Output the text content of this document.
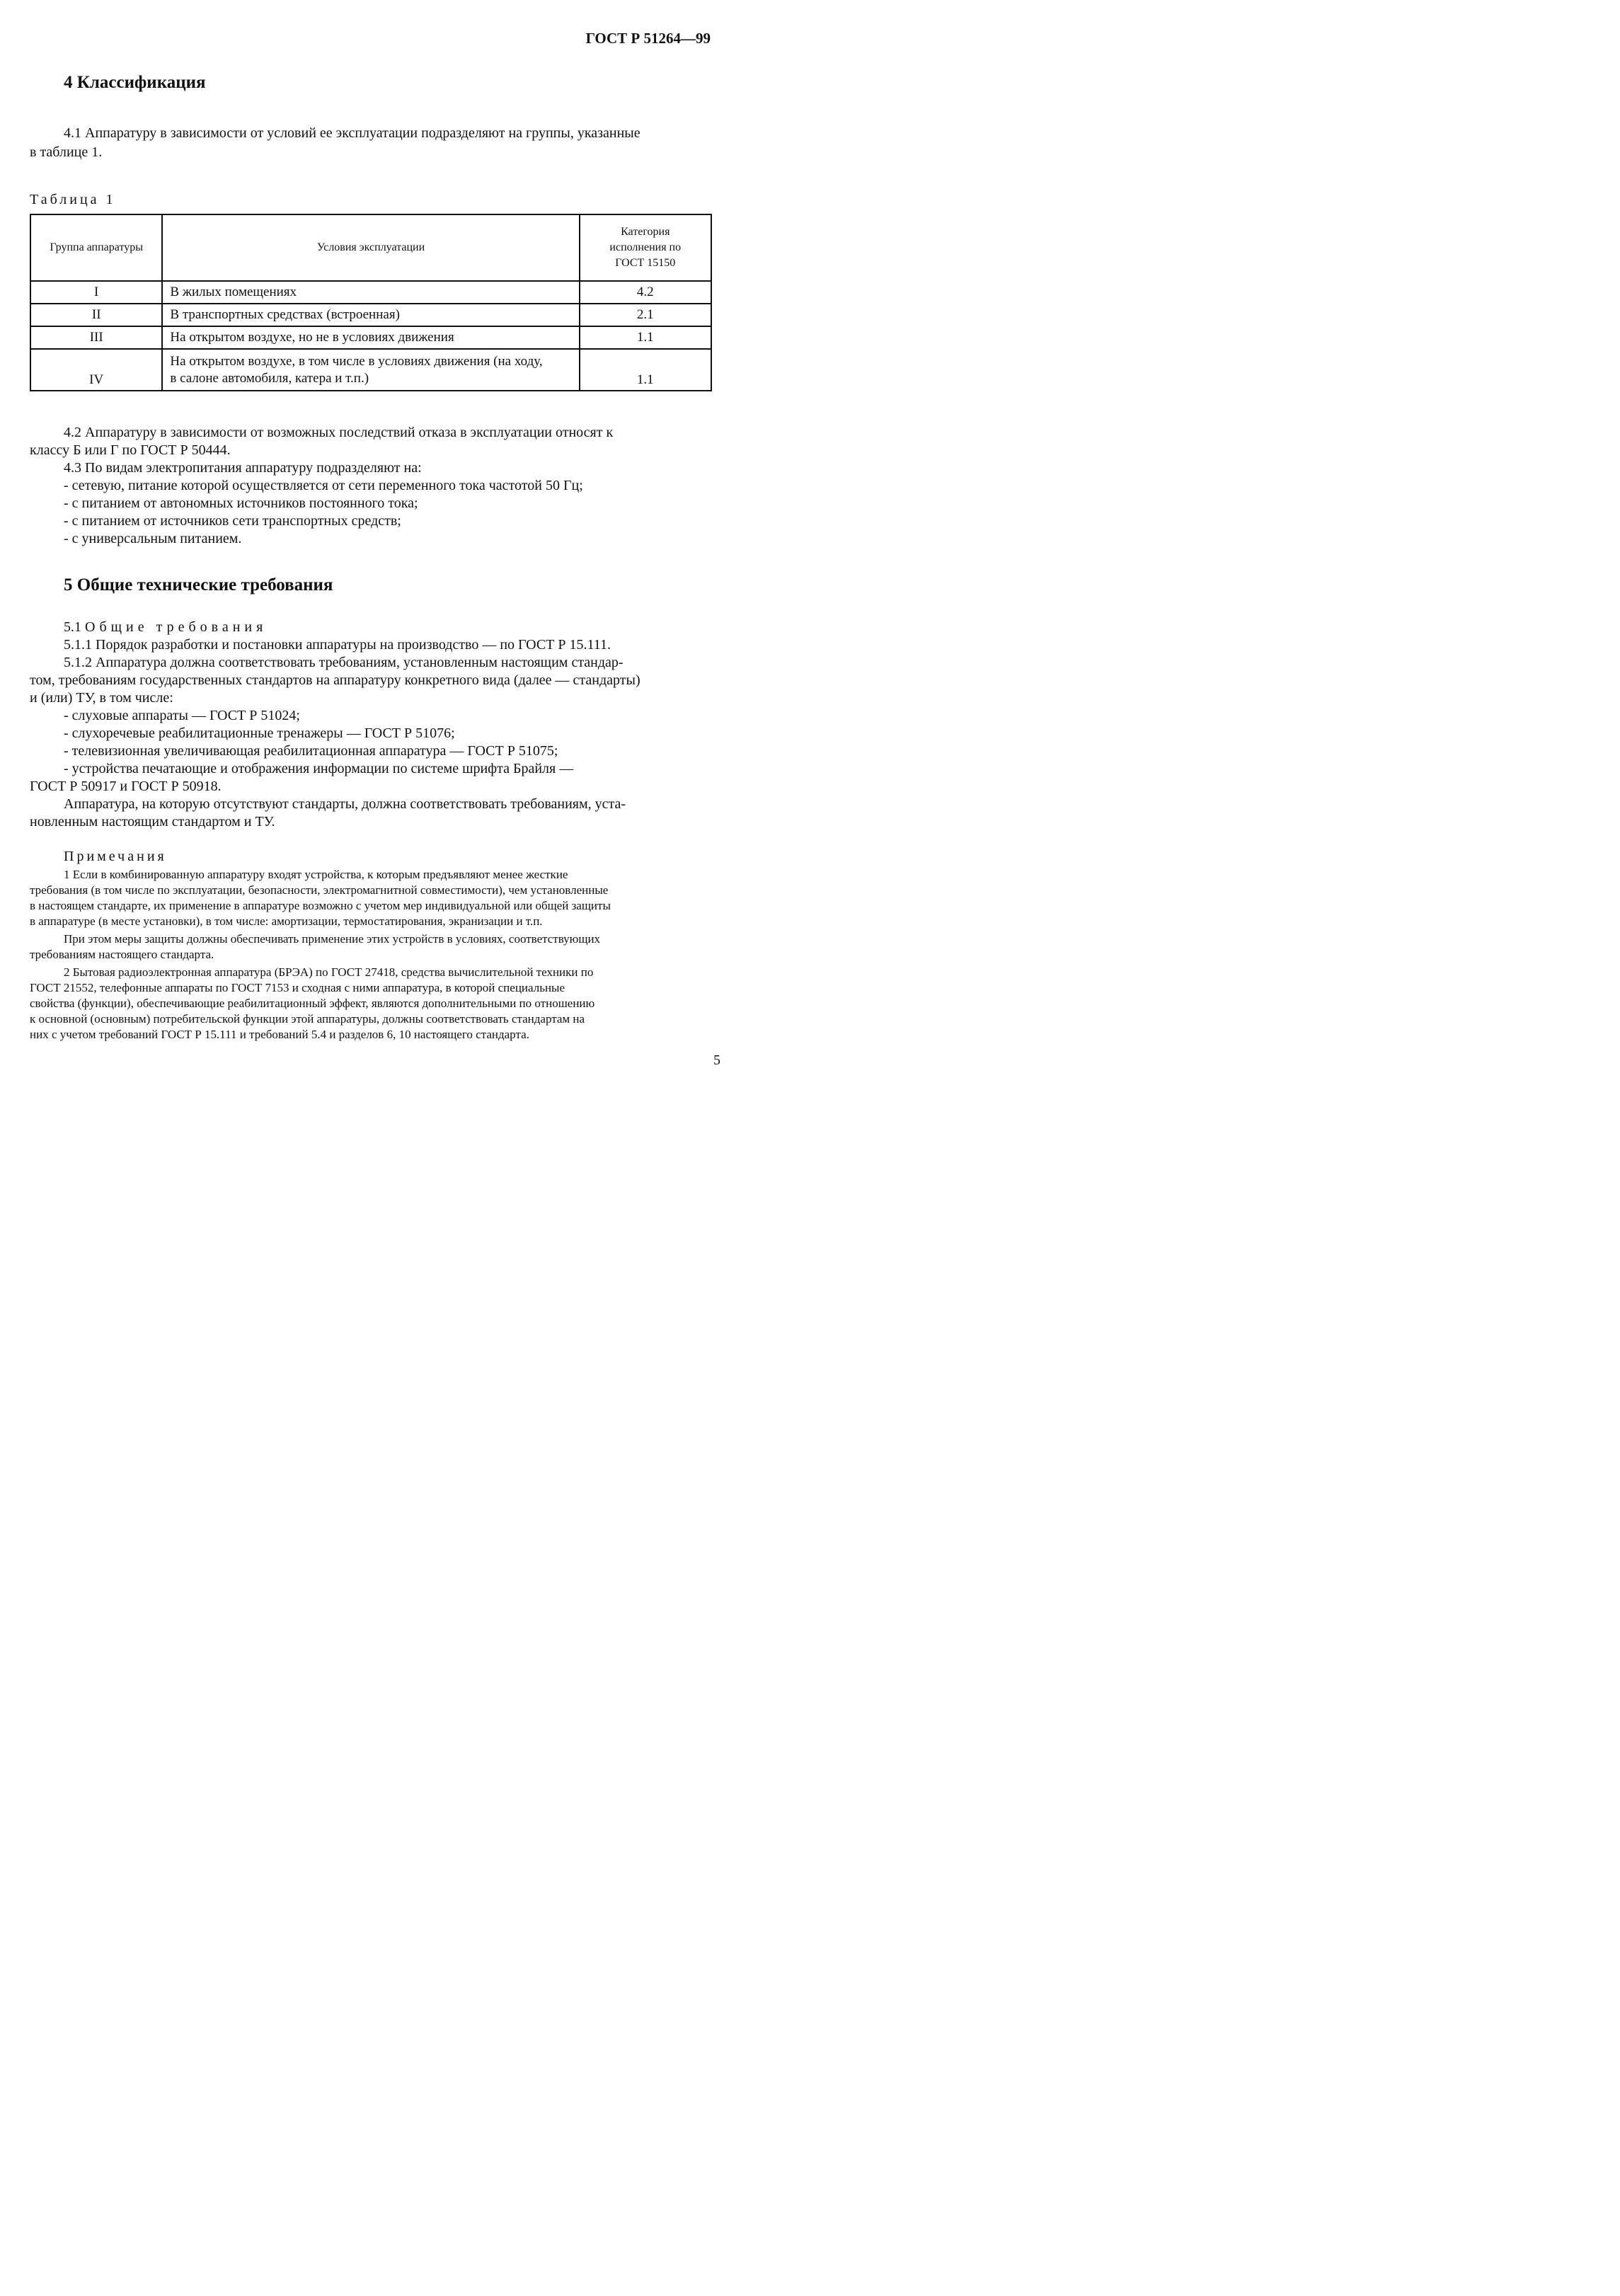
ГОСТ Р 51264—99
4 Классификация
4.1 Аппаратуру в зависимости от условий ее эксплуатации подразделяют на группы, указанные
в таблице 1.
Таблица 1
Группа аппаратуры	Условия эксплуатации	Категория
исполнения по
ГОСТ 15150
I	В жилых помещениях	4.2
II	В транспортных средствах (встроенная)	2.1
III	На открытом воздухе, но не в условиях движения	1.1
IV	На открытом воздухе, в том числе в условиях движения (на ходу,
в салоне автомобиля, катера и т.п.)	1.1
4.2 Аппаратуру в зависимости от возможных последствий отказа в эксплуатации относят к
классу Б или Г по ГОСТ Р 50444.
4.3 По видам электропитания аппаратуру подразделяют на:
- сетевую, питание которой осуществляется от сети переменного тока частотой 50 Гц;
- с питанием от автономных источников постоянного тока;
- с питанием от источников сети транспортных средств;
- с универсальным питанием.
5 Общие технические требования
5.1 Общие требования
5.1.1 Порядок разработки и постановки аппаратуры на производство — по ГОСТ Р 15.111.
5.1.2 Аппаратура должна соответствовать требованиям, установленным настоящим стандар-
том, требованиям государственных стандартов на аппаратуру конкретного вида (далее — стандарты)
и (или) ТУ, в том числе:
- слуховые аппараты — ГОСТ Р 51024;
- слухоречевые реабилитационные тренажеры — ГОСТ Р 51076;
- телевизионная увеличивающая реабилитационная аппаратура — ГОСТ Р 51075;
- устройства печатающие и отображения информации по системе шрифта Брайля —
ГОСТ Р 50917 и ГОСТ Р 50918.
Аппаратура, на которую отсутствуют стандарты, должна соответствовать требованиям, уста-
новленным настоящим стандартом и ТУ.
Примечания
1 Если в комбинированную аппаратуру входят устройства, к которым предъявляют менее жесткие
требования (в том числе по эксплуатации, безопасности, электромагнитной совместимости), чем установленные
в настоящем стандарте, их применение в аппаратуре возможно с учетом мер индивидуальной или общей защиты
в аппаратуре (в месте установки), в том числе: амортизации, термостатирования, экранизации и т.п.
При этом меры защиты должны обеспечивать применение этих устройств в условиях, соответствующих
требованиям настоящего стандарта.
2 Бытовая радиоэлектронная аппаратура (БРЭА) по ГОСТ 27418, средства вычислительной техники по
ГОСТ 21552, телефонные аппараты по ГОСТ 7153 и сходная с ними аппаратура, в которой специальные
свойства (функции), обеспечивающие реабилитационный эффект, являются дополнительными по отношению
к основной (основным) потребительской функции этой аппаратуры, должны соответствовать стандартам на
них с учетом требований ГОСТ Р 15.111 и требований 5.4 и разделов 6, 10 настоящего стандарта.
5
